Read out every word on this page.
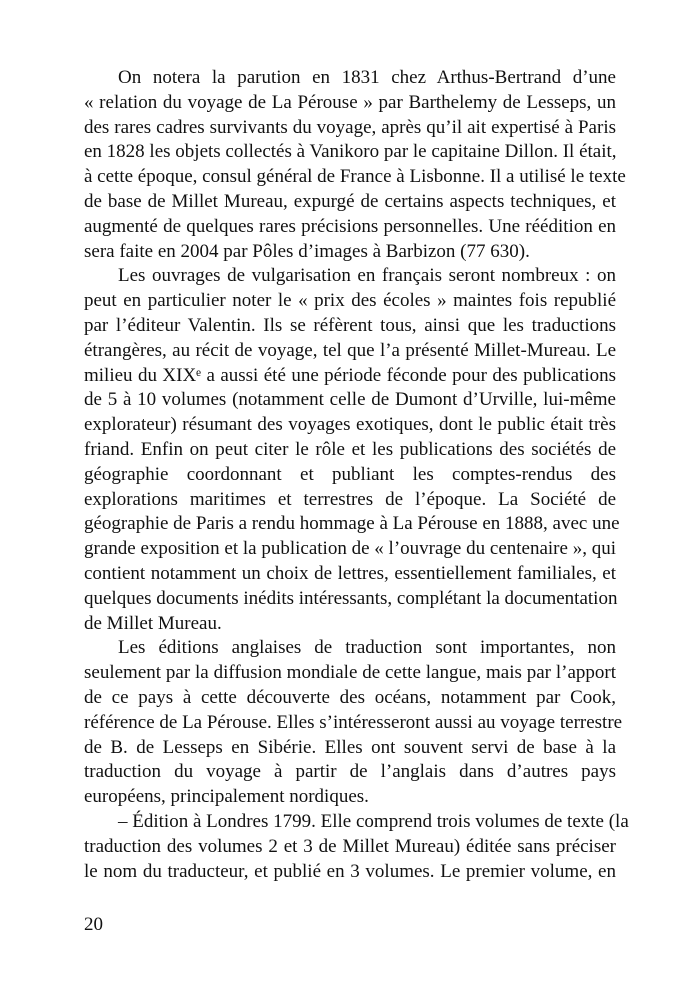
On notera la parution en 1831 chez Arthus-Bertrand d’une
« relation du voyage de La Pérouse » par Barthelemy de Lesseps, un
des rares cadres survivants du voyage, après qu’il ait expertisé à Paris
en 1828 les objets collectés à Vanikoro par le capitaine Dillon. Il était,
à cette époque, consul général de France à Lisbonne. Il a utilisé le texte
de base de Millet Mureau, expurgé de certains aspects techniques, et
augmenté de quelques rares précisions personnelles. Une réédition en
sera faite en 2004 par Pôles d’images à Barbizon (77 630).
Les ouvrages de vulgarisation en français seront nombreux : on
peut en particulier noter le « prix des écoles » maintes fois republié
par l’éditeur Valentin. Ils se réfèrent tous, ainsi que les traductions
étrangères, au récit de voyage, tel que l’a présenté Millet-Mureau. Le
milieu du XIXᵉ a aussi été une période féconde pour des publications
de 5 à 10 volumes (notamment celle de Dumont d’Urville, lui-même
explorateur) résumant des voyages exotiques, dont le public était très
friand. Enfin on peut citer le rôle et les publications des sociétés de
géographie coordonnant et publiant les comptes-rendus des
explorations maritimes et terrestres de l’époque. La Société de
géographie de Paris a rendu hommage à La Pérouse en 1888, avec une
grande exposition et la publication de « l’ouvrage du centenaire », qui
contient notamment un choix de lettres, essentiellement familiales, et
quelques documents inédits intéressants, complétant la documentation
de Millet Mureau.
Les éditions anglaises de traduction sont importantes, non
seulement par la diffusion mondiale de cette langue, mais par l’apport
de ce pays à cette découverte des océans, notamment par Cook,
référence de La Pérouse. Elles s’intéresseront aussi au voyage terrestre
de B. de Lesseps en Sibérie. Elles ont souvent servi de base à la
traduction du voyage à partir de l’anglais dans d’autres pays
européens, principalement nordiques.
– Édition à Londres 1799. Elle comprend trois volumes de texte (la
traduction des volumes 2 et 3 de Millet Mureau) éditée sans préciser
le nom du traducteur, et publié en 3 volumes. Le premier volume, en
20
